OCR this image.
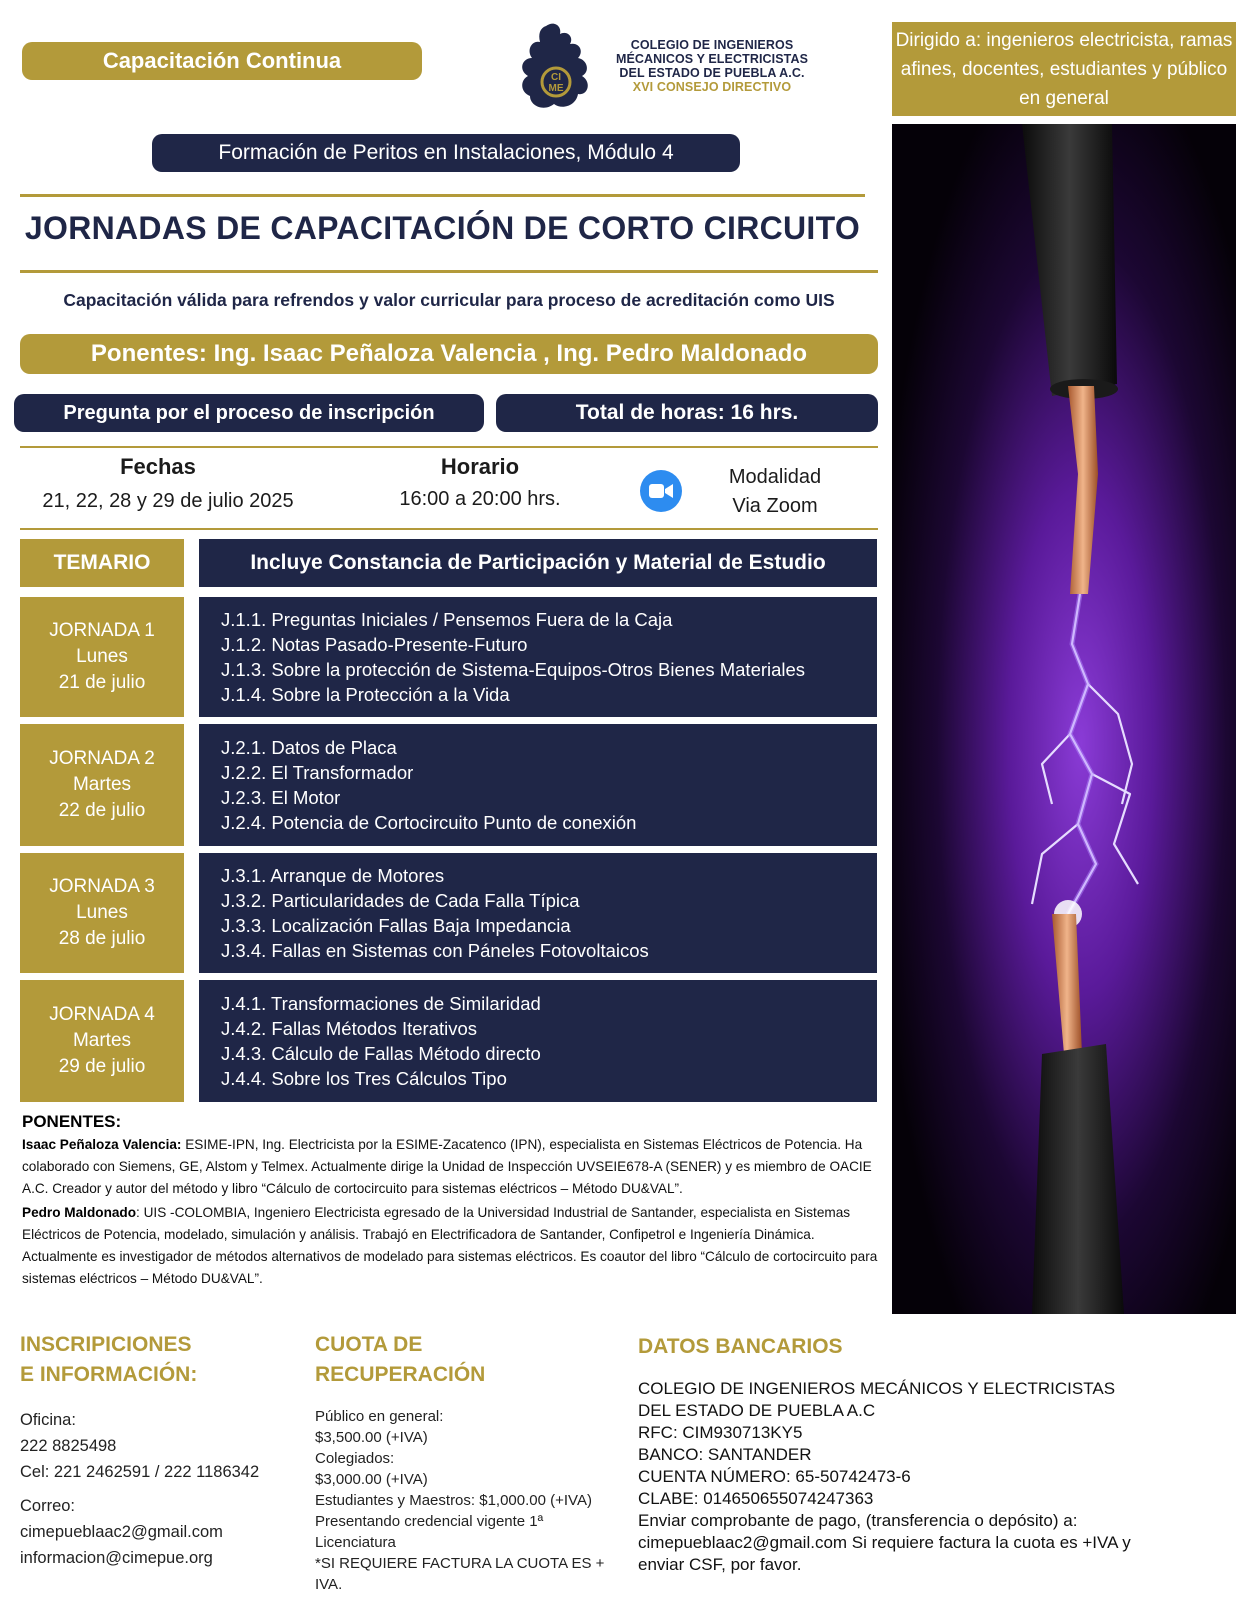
Capacitación Continua
CI
ME
COLEGIO DE INGENIEROS
MÉCANICOS Y ELECTRICISTAS
DEL ESTADO DE PUEBLA A.C.
XVI CONSEJO DIRECTIVO
Formación de Peritos en Instalaciones, Módulo 4
Dirigido a: ingenieros electricista, ramas afines, docentes, estudiantes y público en general
JORNADAS DE CAPACITACIÓN DE CORTO CIRCUITO
Capacitación válida para refrendos y valor curricular para proceso de acreditación como UIS
Ponentes: Ing. Isaac Peñaloza Valencia , Ing. Pedro Maldonado
Pregunta por el proceso de inscripción	Total de horas: 16 hrs.
Fechas
21, 22, 28 y 29 de julio 2025
Horario
16:00 a 20:00 hrs.
Modalidad
Via Zoom
TEMARIO	Incluye Constancia de Participación y Material de Estudio
JORNADA 1
Lunes
21 de julio
J.1.1. Preguntas Iniciales / Pensemos Fuera de la Caja
J.1.2. Notas Pasado-Presente-Futuro
J.1.3. Sobre la protección de Sistema-Equipos-Otros Bienes Materiales
J.1.4. Sobre la Protección a la Vida
JORNADA 2
Martes
22 de julio
J.2.1. Datos de Placa
J.2.2. El Transformador
J.2.3. El Motor
J.2.4. Potencia de Cortocircuito Punto de conexión
JORNADA 3
Lunes
28 de julio
J.3.1. Arranque de Motores
J.3.2. Particularidades de Cada Falla Típica
J.3.3. Localización Fallas Baja Impedancia
J.3.4. Fallas en Sistemas con Páneles Fotovoltaicos
JORNADA 4
Martes
29 de julio
J.4.1. Transformaciones de Similaridad
J.4.2. Fallas Métodos Iterativos
J.4.3. Cálculo de Fallas Método directo
J.4.4. Sobre los Tres Cálculos Tipo
PONENTES:

Isaac Peñaloza Valencia: ESIME-IPN, Ing. Electricista por la ESIME-Zacatenco (IPN), especialista en Sistemas Eléctricos de Potencia. Ha colaborado con Siemens, GE, Alstom y Telmex. Actualmente dirige la Unidad de Inspección UVSEIE678-A (SENER) y es miembro de OACIE A.C. Creador y autor del método y libro “Cálculo de cortocircuito para sistemas eléctricos – Método DU&VAL”.

Pedro Maldonado: UIS -COLOMBIA, Ingeniero Electricista egresado de la Universidad Industrial de Santander, especialista en Sistemas Eléctricos de Potencia, modelado, simulación y análisis. Trabajó en Electrificadora de Santander, Confipetrol e Ingeniería Dinámica. Actualmente es investigador de métodos alternativos de modelado para sistemas eléctricos. Es coautor del libro “Cálculo de cortocircuito para sistemas eléctricos – Método DU&VAL”.

INSCRIPICIONES
E INFORMACIÓN:
Oficina:
222 8825498
Cel: 221 2462591 / 222 1186342
Correo:
cimepueblaac2@gmail.com
informacion@cimepue.org
CUOTA DE
RECUPERACIÓN
Público en general:
$3,500.00 (+IVA)
Colegiados:
$3,000.00 (+IVA)
Estudiantes y Maestros: $1,000.00 (+IVA)
Presentando credencial vigente 1ª
Licenciatura
*SI REQUIERE FACTURA LA CUOTA ES +
IVA.
DATOS BANCARIOS
COLEGIO DE INGENIEROS MECÁNICOS Y ELECTRICISTAS
DEL ESTADO DE PUEBLA A.C
RFC: CIM930713KY5
BANCO: SANTANDER
CUENTA NÚMERO: 65-50742473-6
CLABE: 014650655074247363
Enviar comprobante de pago, (transferencia o depósito) a:
cimepueblaac2@gmail.com Si requiere factura la cuota es +IVA y
enviar CSF, por favor.
